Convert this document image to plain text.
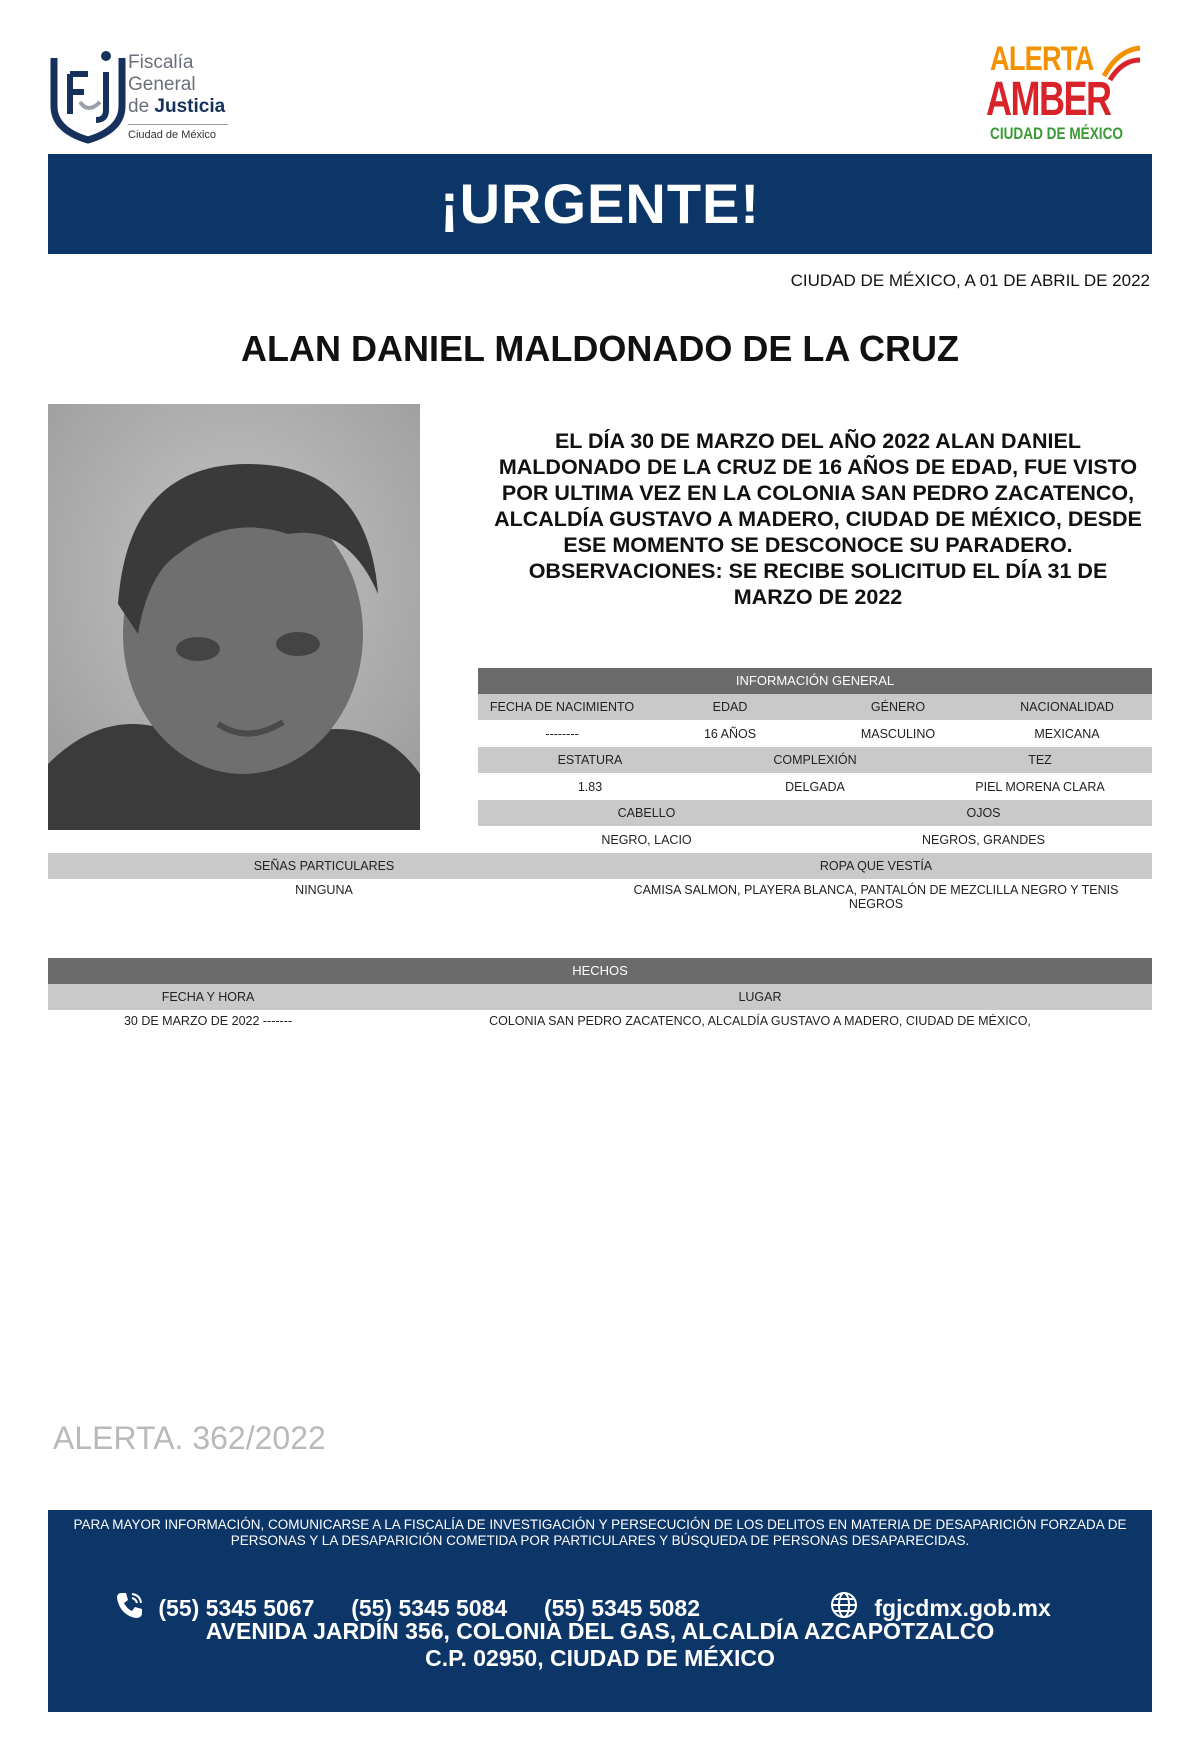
Fiscalía
General
de Justicia
Ciudad de México
ALERTA
AMBER
CIUDAD DE MÉXICO
¡URGENTE!
CIUDAD DE MÉXICO, A 01 DE ABRIL DE 2022
ALAN DANIEL MALDONADO DE LA CRUZ
EL DÍA 30 DE MARZO DEL AÑO 2022 ALAN DANIEL MALDONADO DE LA CRUZ DE 16 AÑOS DE EDAD, FUE VISTO POR ULTIMA VEZ EN LA COLONIA SAN PEDRO ZACATENCO, ALCALDÍA GUSTAVO A MADERO, CIUDAD DE MÉXICO, DESDE ESE MOMENTO SE DESCONOCE SU PARADERO.
OBSERVACIONES: SE RECIBE SOLICITUD EL DÍA 31 DE MARZO DE 2022
INFORMACIÓN GENERAL
FECHA DE NACIMIENTO	EDAD	GÉNERO	NACIONALIDAD
--------	16 AÑOS	MASCULINO	MEXICANA
ESTATURA	COMPLEXIÓN	TEZ
1.83	DELGADA	PIEL MORENA CLARA
CABELLO	OJOS
NEGRO, LACIO	NEGROS, GRANDES
SEÑAS PARTICULARES	ROPA QUE VESTÍA
NINGUNA	CAMISA SALMON, PLAYERA BLANCA, PANTALÓN DE MEZCLILLA NEGRO Y TENIS NEGROS
HECHOS
FECHA Y HORA	LUGAR
30 DE MARZO DE 2022 -------	COLONIA SAN PEDRO ZACATENCO, ALCALDÍA GUSTAVO A MADERO, CIUDAD DE MÉXICO,
ALERTA. 362/2022
PARA MAYOR INFORMACIÓN, COMUNICARSE A LA FISCALÍA DE INVESTIGACIÓN Y PERSECUCIÓN DE LOS DELITOS EN MATERIA DE DESAPARICIÓN FORZADA DE PERSONAS Y LA DESAPARICIÓN COMETIDA POR PARTICULARES Y BÚSQUEDA DE PERSONAS DESAPARECIDAS.
(55) 5345 5067 (55) 5345 5084 (55) 5345 5082	fgjcdmx.gob.mx
AVENIDA JARDÍN 356, COLONIA DEL GAS, ALCALDÍA AZCAPOTZALCO
C.P. 02950, CIUDAD DE MÉXICO
